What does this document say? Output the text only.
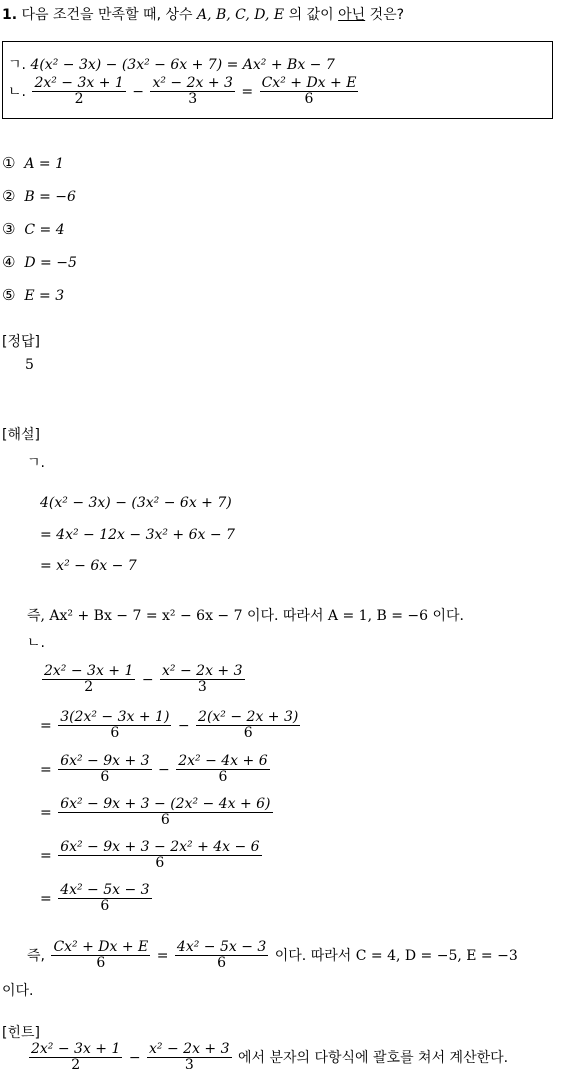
1. 다음 조건을 만족할 때, 상수 A, B, C, D, E 의 값이 아닌 것은?
ㄱ. 4(x² − 3x) − (3x² − 6x + 7) = Ax² + Bx − 7
ㄴ. $\frac{\text{2x² − 3x + 1}}{2} - \frac{\text{x² − 2x + 3}}{3} = \frac{\text{Cx² + Dx + E}}{6}$
① A = 1
② B = −6
③ C = 4
④ D = −5
⑤ E = 3
[정답]
5
[해설]
ㄱ.
4(x² − 3x) − (3x² − 6x + 7)
= 4x² − 12x − 3x² + 6x − 7
= x² − 6x − 7
즉, Ax² + Bx − 7 = x² − 6x − 7 이다. 따라서 A = 1, B = −6 이다.
ㄴ.
$\frac{\text{2x² − 3x + 1}}{2} - \frac{\text{x² − 2x + 3}}{3}$
= $\frac{\text{3(2x² − 3x + 1)}}{6} - \frac{\text{2(x² − 2x + 3)}}{6}$
= $\frac{\text{6x² − 9x + 3}}{6} - \frac{\text{2x² − 4x + 6}}{6}$
= $\frac{\text{6x² − 9x + 3 − (2x² − 4x + 6)}}{6}$
= $\frac{\text{6x² − 9x + 3 − 2x² + 4x − 6}}{6}$
= $\frac{\text{4x² − 5x − 3}}{6}$
즉, $\frac{\text{Cx² + Dx + E}}{6} = \frac{\text{4x² − 5x − 3}}{6}$ 이다. 따라서 C = 4, D = −5, E = −3
이다.
[힌트]
$\frac{\text{2x² − 3x + 1}}{2} - \frac{\text{x² − 2x + 3}}{3}$ 에서 분자의 다항식에 괄호를 쳐서 계산한다.
